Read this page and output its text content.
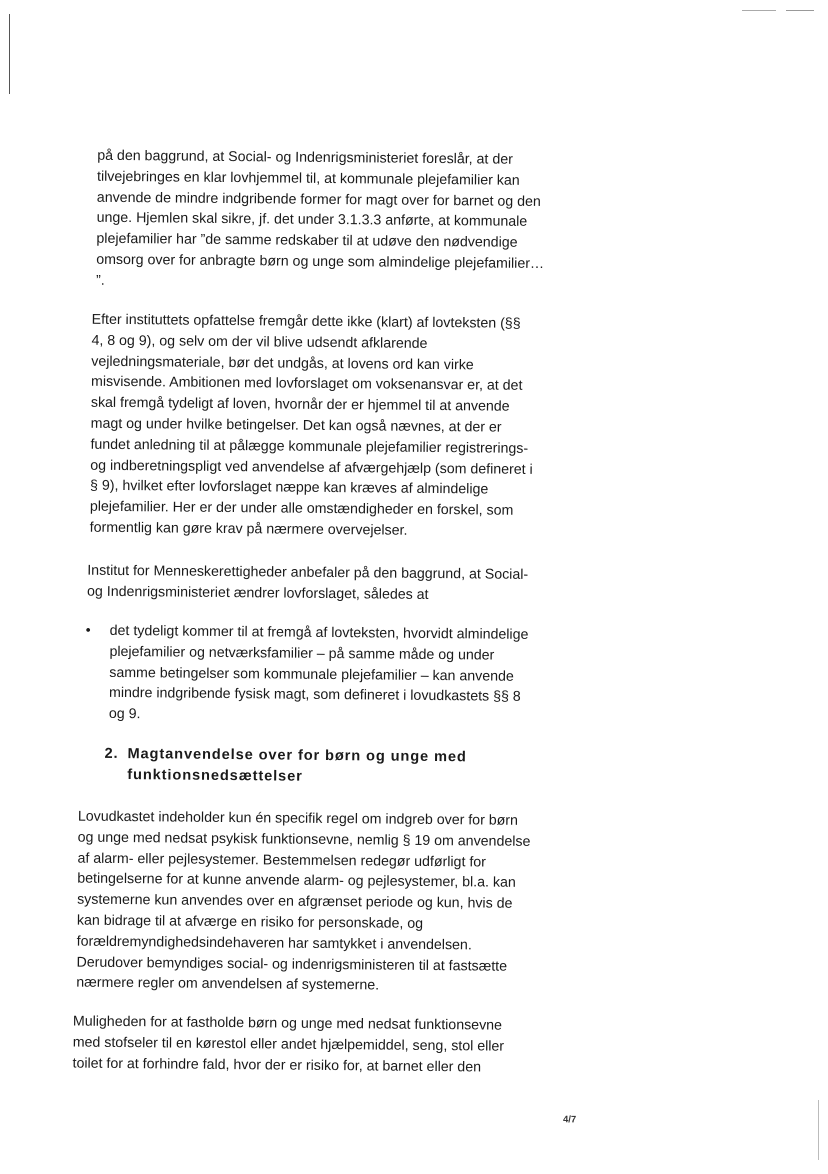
på den baggrund, at Social- og Indenrigsministeriet foreslår, at der
tilvejebringes en klar lovhjemmel til, at kommunale plejefamilier kan
anvende de mindre indgribende former for magt over for barnet og den
unge. Hjemlen skal sikre, jf. det under 3.1.3.3 anførte, at kommunale
plejefamilier har ”de samme redskaber til at udøve den nødvendige
omsorg over for anbragte børn og unge som almindelige plejefamilier…
”.

Efter instituttets opfattelse fremgår dette ikke (klart) af lovteksten (§§
4, 8 og 9), og selv om der vil blive udsendt afklarende
vejledningsmateriale, bør det undgås, at lovens ord kan virke
misvisende. Ambitionen med lovforslaget om voksenansvar er, at det
skal fremgå tydeligt af loven, hvornår der er hjemmel til at anvende
magt og under hvilke betingelser. Det kan også nævnes, at der er
fundet anledning til at pålægge kommunale plejefamilier registrerings-
og indberetningspligt ved anvendelse af afværgehjælp (som defineret i
§ 9), hvilket efter lovforslaget næppe kan kræves af almindelige
plejefamilier. Her er der under alle omstændigheder en forskel, som
formentlig kan gøre krav på nærmere overvejelser.

Institut for Menneskerettigheder anbefaler på den baggrund, at Social-
og Indenrigsministeriet ændrer lovforslaget, således at

• det tydeligt kommer til at fremgå af lovteksten, hvorvidt almindelige
plejefamilier og netværksfamilier – på samme måde og under
samme betingelser som kommunale plejefamilier – kan anvende
mindre indgribende fysisk magt, som defineret i lovudkastets §§ 8
og 9.

2. Magtanvendelse over for børn og unge med
funktionsnedsættelser

Lovudkastet indeholder kun én specifik regel om indgreb over for børn
og unge med nedsat psykisk funktionsevne, nemlig § 19 om anvendelse
af alarm- eller pejlesystemer. Bestemmelsen redegør udførligt for
betingelserne for at kunne anvende alarm- og pejlesystemer, bl.a. kan
systemerne kun anvendes over en afgrænset periode og kun, hvis de
kan bidrage til at afværge en risiko for personskade, og
forældremyndighedsindehaveren har samtykket i anvendelsen.
Derudover bemyndiges social- og indenrigsministeren til at fastsætte
nærmere regler om anvendelsen af systemerne.

Muligheden for at fastholde børn og unge med nedsat funktionsevne
med stofseler til en kørestol eller andet hjælpemiddel, seng, stol eller
toilet for at forhindre fald, hvor der er risiko for, at barnet eller den

4/7
